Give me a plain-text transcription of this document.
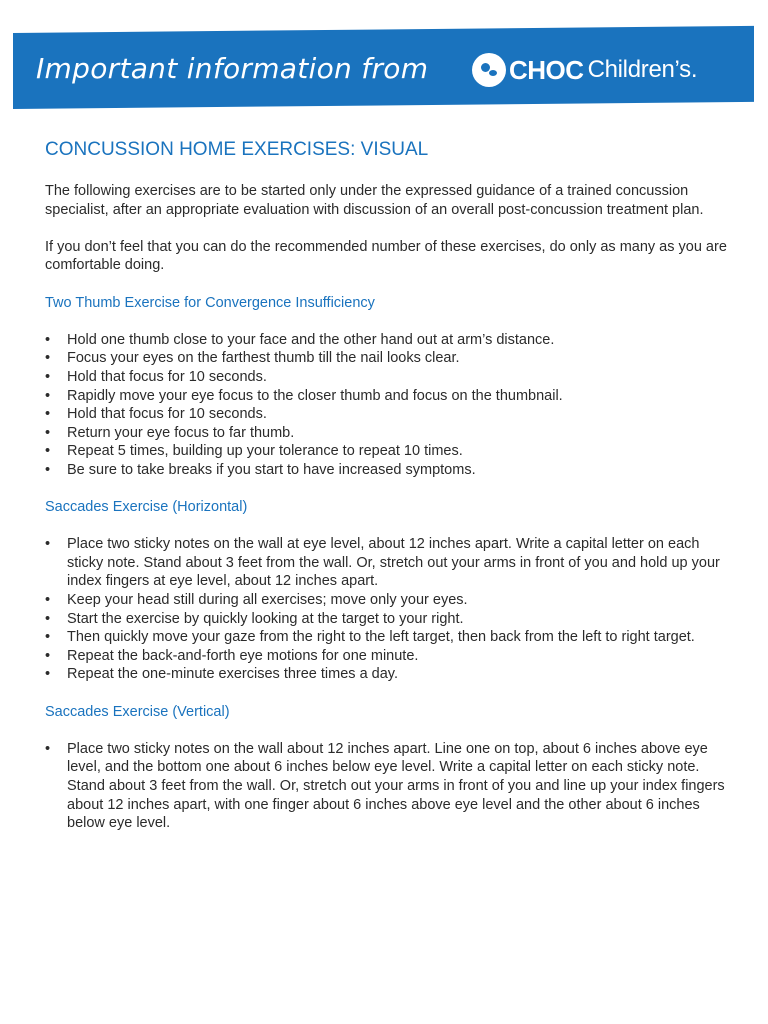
Important information from	CHOC Children’s.
CONCUSSION HOME EXERCISES: VISUAL

The following exercises are to be started only under the expressed guidance of a trained concussion specialist, after an appropriate evaluation with discussion of an overall post-concussion treatment plan.

If you don’t feel that you can do the recommended number of these exercises, do only as many as you are comfortable doing.

Two Thumb Exercise for Convergence Insufficiency
• Hold one thumb close to your face and the other hand out at arm’s distance.
• Focus your eyes on the farthest thumb till the nail looks clear.
• Hold that focus for 10 seconds.
• Rapidly move your eye focus to the closer thumb and focus on the thumbnail.
• Hold that focus for 10 seconds.
• Return your eye focus to far thumb.
• Repeat 5 times, building up your tolerance to repeat 10 times.
• Be sure to take breaks if you start to have increased symptoms.
Saccades Exercise (Horizontal)
• Place two sticky notes on the wall at eye level, about 12 inches apart. Write a capital letter on each sticky note. Stand about 3 feet from the wall. Or, stretch out your arms in front of you and hold up your index fingers at eye level, about 12 inches apart.
• Keep your head still during all exercises; move only your eyes.
• Start the exercise by quickly looking at the target to your right.
• Then quickly move your gaze from the right to the left target, then back from the left to right target.
• Repeat the back-and-forth eye motions for one minute.
• Repeat the one-minute exercises three times a day.
Saccades Exercise (Vertical)
• Place two sticky notes on the wall about 12 inches apart. Line one on top, about 6 inches above eye level, and the bottom one about 6 inches below eye level. Write a capital letter on each sticky note. Stand about 3 feet from the wall. Or, stretch out your arms in front of you and line up your index fingers about 12 inches apart, with one finger about 6 inches above eye level and the other about 6 inches below eye level.
